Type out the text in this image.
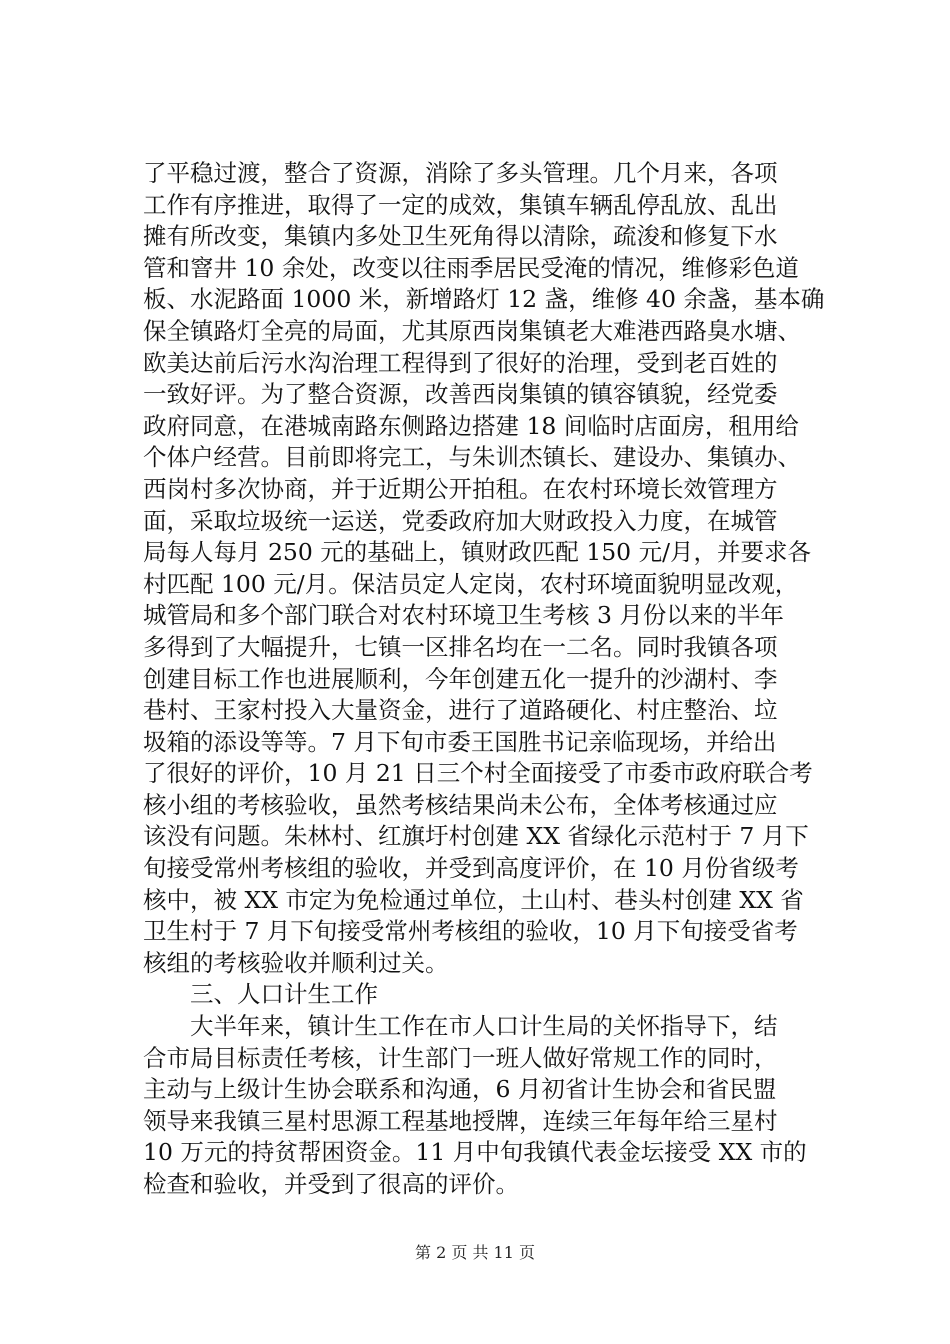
了平稳过渡，整合了资源，消除了多头管理。几个月来，各项
工作有序推进，取得了一定的成效，集镇车辆乱停乱放、乱出
摊有所改变，集镇内多处卫生死角得以清除，疏浚和修复下水
管和窨井 10 余处，改变以往雨季居民受淹的情况，维修彩色道
板、水泥路面 1000 米，新增路灯 12 盏，维修 40 余盏，基本确
保全镇路灯全亮的局面，尤其原西岗集镇老大难港西路臭水塘、
欧美达前后污水沟治理工程得到了很好的治理，受到老百姓的
一致好评。为了整合资源，改善西岗集镇的镇容镇貌，经党委
政府同意，在港城南路东侧路边搭建 18 间临时店面房，租用给
个体户经营。目前即将完工，与朱训杰镇长、建设办、集镇办、
西岗村多次协商，并于近期公开拍租。在农村环境长效管理方
面，采取垃圾统一运送，党委政府加大财政投入力度，在城管
局每人每月 250 元的基础上，镇财政匹配 150 元/月，并要求各
村匹配 100 元/月。保洁员定人定岗，农村环境面貌明显改观，
城管局和多个部门联合对农村环境卫生考核 3 月份以来的半年
多得到了大幅提升，七镇一区排名均在一二名。同时我镇各项
创建目标工作也进展顺利，今年创建五化一提升的沙湖村、李
巷村、王家村投入大量资金，进行了道路硬化、村庄整治、垃
圾箱的添设等等。7 月下旬市委王国胜书记亲临现场，并给出
了很好的评价，10 月 21 日三个村全面接受了市委市政府联合考
核小组的考核验收，虽然考核结果尚未公布，全体考核通过应
该没有问题。朱林村、红旗圩村创建 XX 省绿化示范村于 7 月下
旬接受常州考核组的验收，并受到高度评价，在 10 月份省级考
核中，被 XX 市定为免检通过单位，土山村、巷头村创建 XX 省
卫生村于 7 月下旬接受常州考核组的验收，10 月下旬接受省考
核组的考核验收并顺利过关。
　　三、人口计生工作
　　大半年来，镇计生工作在市人口计生局的关怀指导下，结
合市局目标责任考核，计生部门一班人做好常规工作的同时，
主动与上级计生协会联系和沟通，6 月初省计生协会和省民盟
领导来我镇三星村思源工程基地授牌，连续三年每年给三星村
10 万元的持贫帮困资金。11 月中旬我镇代表金坛接受 XX 市的
检查和验收，并受到了很高的评价。
第 2 页 共 11 页
